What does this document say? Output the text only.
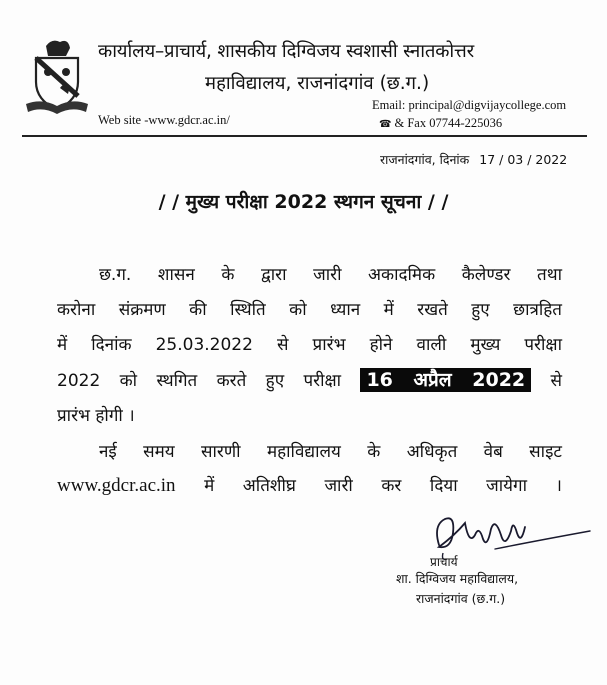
कार्यालय–प्राचार्य, शासकीय दिग्विजय स्वशासी स्नातकोत्तर
महाविद्यालय, राजनांदगांव (छ.ग.)
Web site -www.gdcr.ac.in/
Email: principal@digvijaycollege.com
☎ & Fax 07744-225036
राजनांदगांव, दिनांक 17 / 03 / 2022
/ / मुख्य परीक्षा 2022 स्थगन सूचना / /
छ.ग. शासन के द्वारा जारी अकादमिक कैलेण्डर तथा
करोना संक्रमण की स्थिति को ध्यान में रखते हुए छात्रहित
में दिनांक 25.03.2022 से प्रारंभ होने वाली मुख्य परीक्षा
2022 को स्थगित करते हुए परीक्षा 16 अप्रैल 2022 से
प्रारंभ होगी ।
नई समय सारणी महाविद्यालय के अधिकृत वेब साइट
www.gdcr.ac.in में अतिशीघ्र जारी कर दिया जायेगा ।
प्राचार्य
शा. दिग्विजय महाविद्यालय,
राजनांदगांव (छ.ग.)
